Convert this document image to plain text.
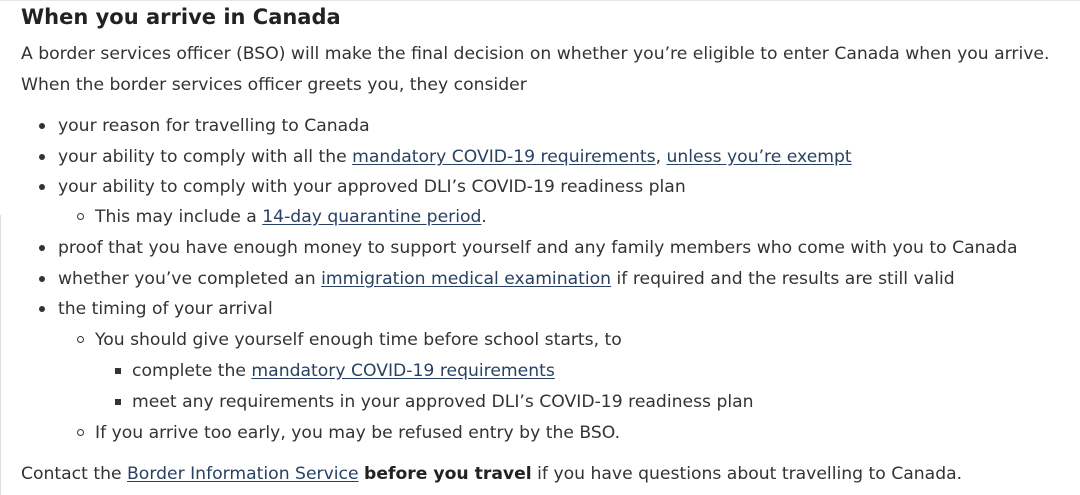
When you arrive in Canada
A border services officer (BSO) will make the final decision on whether you’re eligible to enter Canada when you arrive.
When the border services officer greets you, they consider
your reason for travelling to Canada
your ability to comply with all the mandatory COVID-19 requirements, unless you’re exempt
your ability to comply with your approved DLI’s COVID-19 readiness plan
This may include a 14-day quarantine period.
proof that you have enough money to support yourself and any family members who come with you to Canada
whether you’ve completed an immigration medical examination if required and the results are still valid
the timing of your arrival
You should give yourself enough time before school starts, to
complete the mandatory COVID-19 requirements
meet any requirements in your approved DLI’s COVID-19 readiness plan
If you arrive too early, you may be refused entry by the BSO.
Contact the Border Information Service before you travel if you have questions about travelling to Canada.
